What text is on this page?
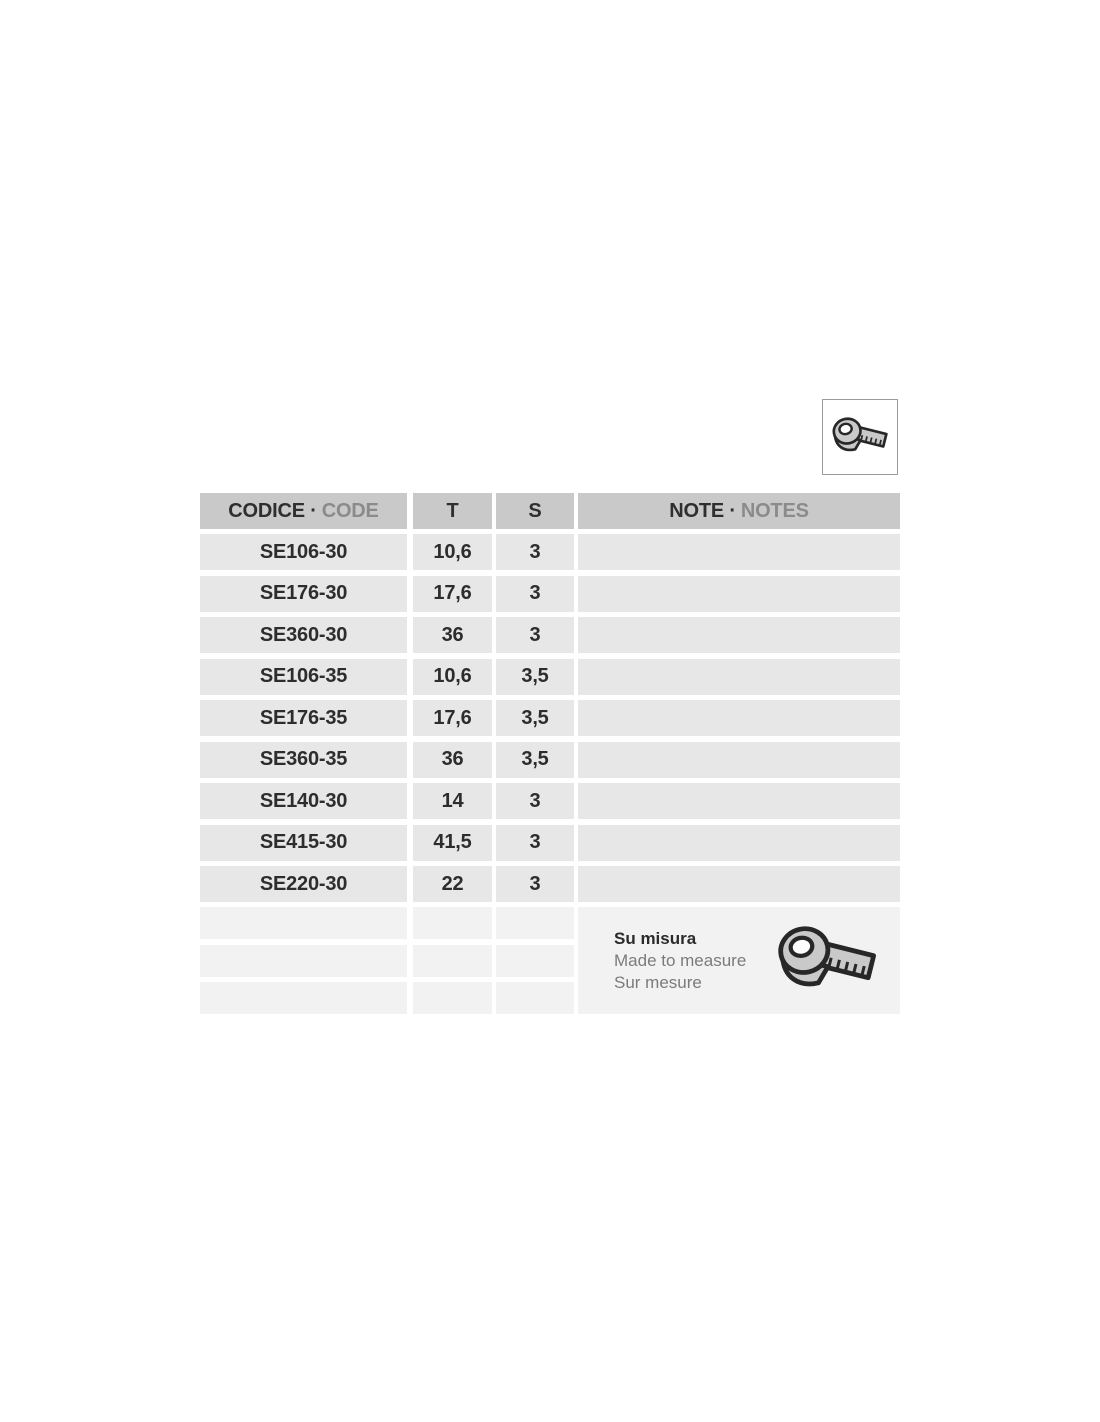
CODICE · CODE	T	S	NOTE · NOTES
SE106-30	10,6	3
SE176-30	17,6	3
SE360-30	36	3
SE106-35	10,6	3,5
SE176-35	17,6	3,5
SE360-35	36	3,5
SE140-30	14	3
SE415-30	41,5	3
SE220-30	22	3
Su misura
Made to measure
Sur mesure
